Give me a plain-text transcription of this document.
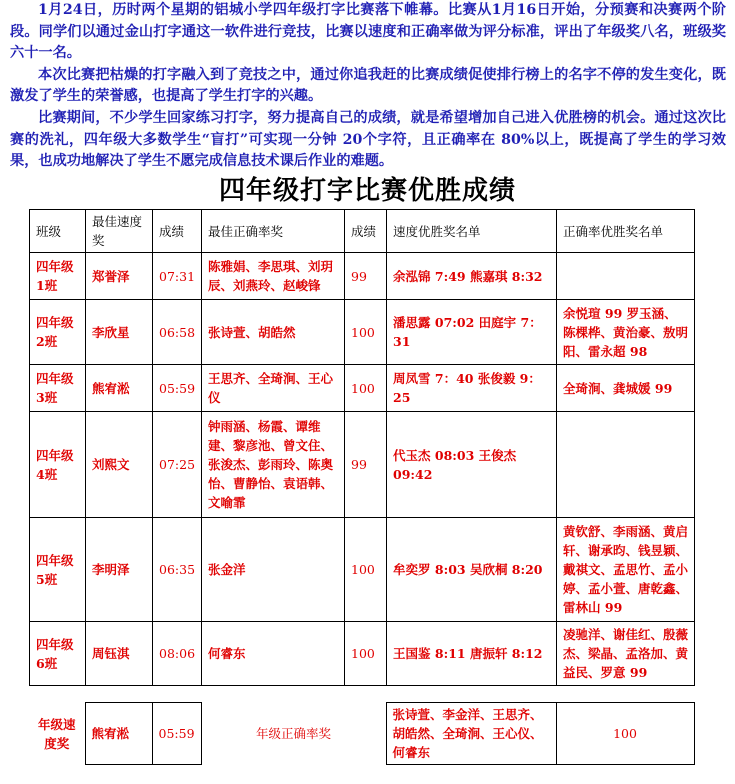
1月24日，历时两个星期的铝城小学四年级打字比赛落下帷幕。比赛从1月16日开始，分预赛和决赛两个阶段。同学们以通过金山打字通这一软件进行竞技，比赛以速度和正确率做为评分标准，评出了年级奖八名，班级奖六十一名。

本次比赛把枯燥的打字融入到了竞技之中，通过你追我赶的比赛成绩促使排行榜上的名字不停的发生变化，既激发了学生的荣誉感，也提高了学生打字的兴趣。

比赛期间，不少学生回家练习打字，努力提高自己的成绩，就是希望增加自己进入优胜榜的机会。通过这次比赛的洗礼，四年级大多数学生“盲打”可实现一分钟 20个字符，且正确率在 80%以上，既提高了学生的学习效果，也成功地解决了学生不愿完成信息技术课后作业的难题。

四年级打字比赛优胜成绩
班级	最佳速度奖	成绩	最佳正确率奖	成绩	速度优胜奖名单	正确率优胜奖名单
四年级1班	郑誉泽	07:31	陈雅娟、李思琪、刘玥辰、刘燕玲、赵峻锋	99	余泓锦 7:49 熊嘉琪 8:32	
四年级2班	李欣星	06:58	张诗萱、胡皓然	100	潘思露 07:02 田庭宇 7：31	余悦瑄 99 罗玉涵、陈棵桦、黄治豪、敖明阳、雷永超 98
四年级3班	熊宥淞	05:59	王思齐、全琦涧、王心仪	100	周凤雪 7：40 张俊毅 9：25	全琦涧、龚城媛 99
四年级4班	刘熙文	07:25	钟雨涵、杨霞、谭维建、黎彦池、曾文住、张浚杰、彭雨玲、陈奥怡、曹静怡、袁语韩、文喻霏	99	代玉杰 08:03 王俊杰 09:42	
四年级5班	李明泽	06:35	张金洋	100	牟奕罗 8:03 吴欣桐 8:20	黄钦舒、李雨涵、黄启轩、谢承昀、钱昱颖、戴祺文、孟思竹、孟小婷、孟小萱、唐乾鑫、雷林山 99
四年级6班	周钰淇	08:06	何睿东	100	王国鉴 8:11 唐振轩 8:12	凌驰洋、谢佳红、殷薇杰、梁晶、孟洛加、黄益民、罗意 99
年级速度奖	熊宥淞	05:59	年级正确率奖	张诗萱、李金洋、王思齐、胡皓然、全琦涧、王心仪、何睿东	100
